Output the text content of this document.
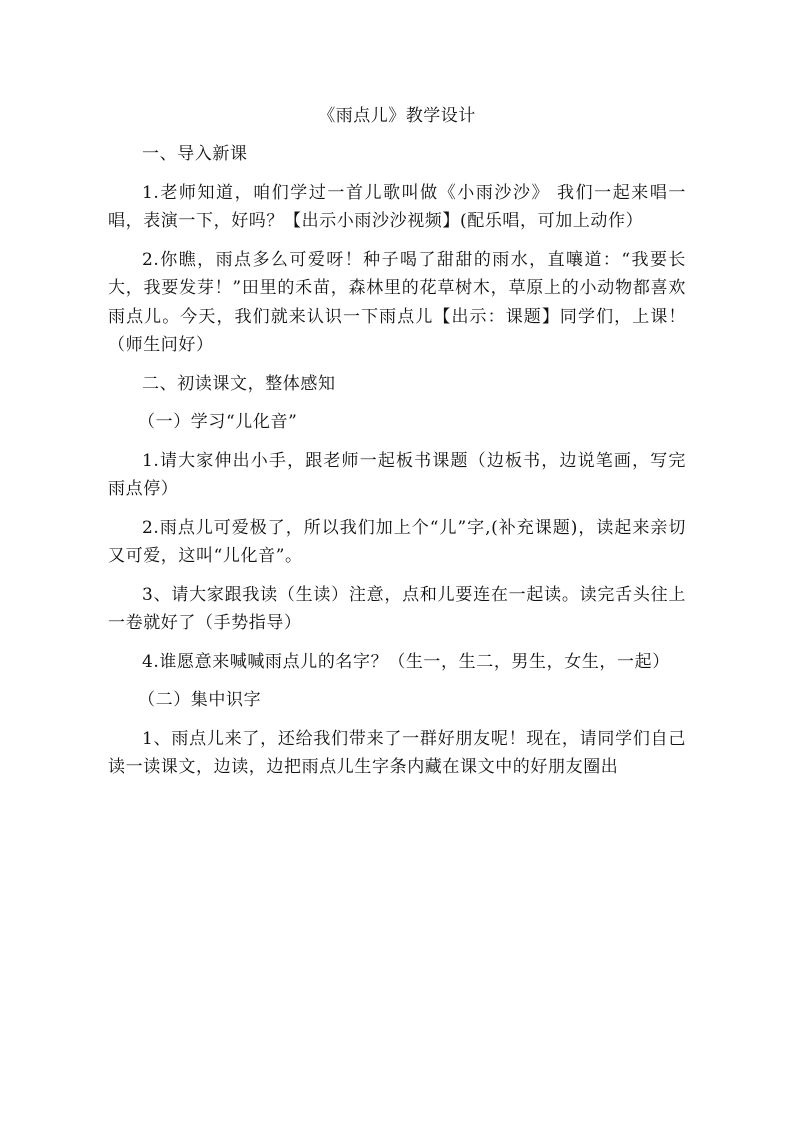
《雨点儿》教学设计

一、导入新课

1.老师知道，咱们学过一首儿歌叫做《小雨沙沙》 我们一起来唱一唱，表演一下，好吗？【出示小雨沙沙视频】(配乐唱，可加上动作）

2.你瞧，雨点多么可爱呀！种子喝了甜甜的雨水，直嚷道：“我要长大，我要发芽！”田里的禾苗，森林里的花草树木，草原上的小动物都喜欢雨点儿。今天，我们就来认识一下雨点儿【出示：课题】同学们，上课！（师生问好）

二、初读课文，整体感知

（一）学习“儿化音”

1.请大家伸出小手，跟老师一起板书课题（边板书，边说笔画，写完雨点停）

2.雨点儿可爱极了，所以我们加上个“儿”字,(补充课题)，读起来亲切又可爱，这叫“儿化音”。

3、请大家跟我读（生读）注意，点和儿要连在一起读。读完舌头往上一卷就好了（手势指导）

4.谁愿意来喊喊雨点儿的名字？（生一，生二，男生，女生，一起）

（二）集中识字

1、雨点儿来了，还给我们带来了一群好朋友呢！现在，请同学们自己读一读课文，边读，边把雨点儿生字条内藏在课文中的好朋友圈出
